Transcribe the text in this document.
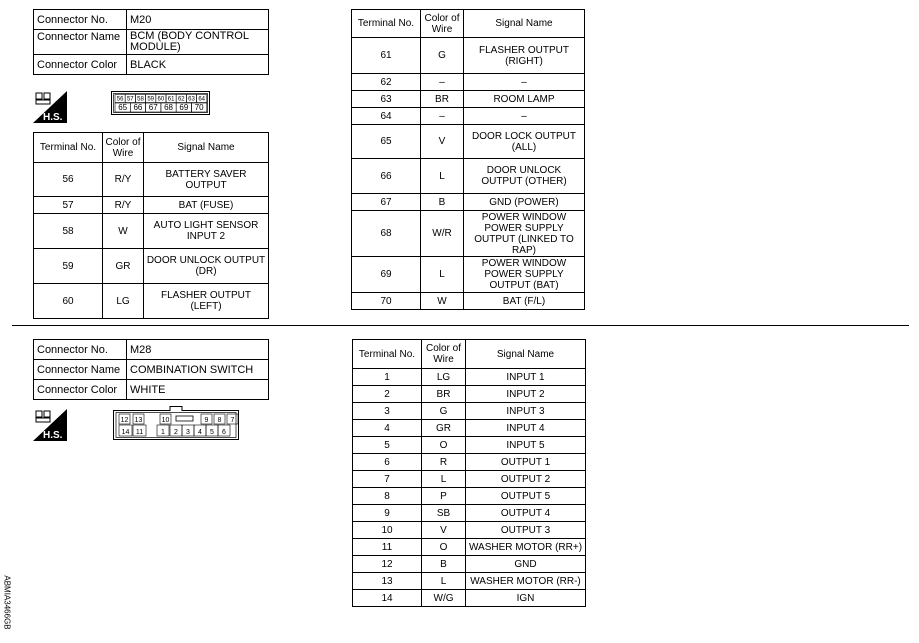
Connector No.	M20
Connector Name	BCM (BODY CONTROL MODULE)
Connector Color	BLACK
H.S.
56 57 58 59 60 61 62 63 64
65 66 67 68 69 70
Terminal No.	Color of Wire	Signal Name
56	R/Y	BATTERY SAVER OUTPUT
57	R/Y	BAT (FUSE)
58	W	AUTO LIGHT SENSOR INPUT 2
59	GR	DOOR UNLOCK OUTPUT (DR)
60	LG	FLASHER OUTPUT (LEFT)
Terminal No.	Color of Wire	Signal Name
61	G	FLASHER OUTPUT (RIGHT)
62	–	–
63	BR	ROOM LAMP
64	–	–
65	V	DOOR LOCK OUTPUT (ALL)
66	L	DOOR UNLOCK OUTPUT (OTHER)
67	B	GND (POWER)
68	W/R	POWER WINDOW POWER SUPPLY OUTPUT (LINKED TO RAP)
69	L	POWER WINDOW POWER SUPPLY OUTPUT (BAT)
70	W	BAT (F/L)
Connector No.	M28
Connector Name	COMBINATION SWITCH
Connector Color	WHITE
H.S.
12 13	10	9 8 7
14 11	1 2 3 4 5 6
Terminal No.	Color of Wire	Signal Name
1	LG	INPUT 1
2	BR	INPUT 2
3	G	INPUT 3
4	GR	INPUT 4
5	O	INPUT 5
6	R	OUTPUT 1
7	L	OUTPUT 2
8	P	OUTPUT 5
9	SB	OUTPUT 4
10	V	OUTPUT 3
11	O	WASHER MOTOR (RR+)
12	B	GND
13	L	WASHER MOTOR (RR-)
14	W/G	IGN
ABMIA3466GB
